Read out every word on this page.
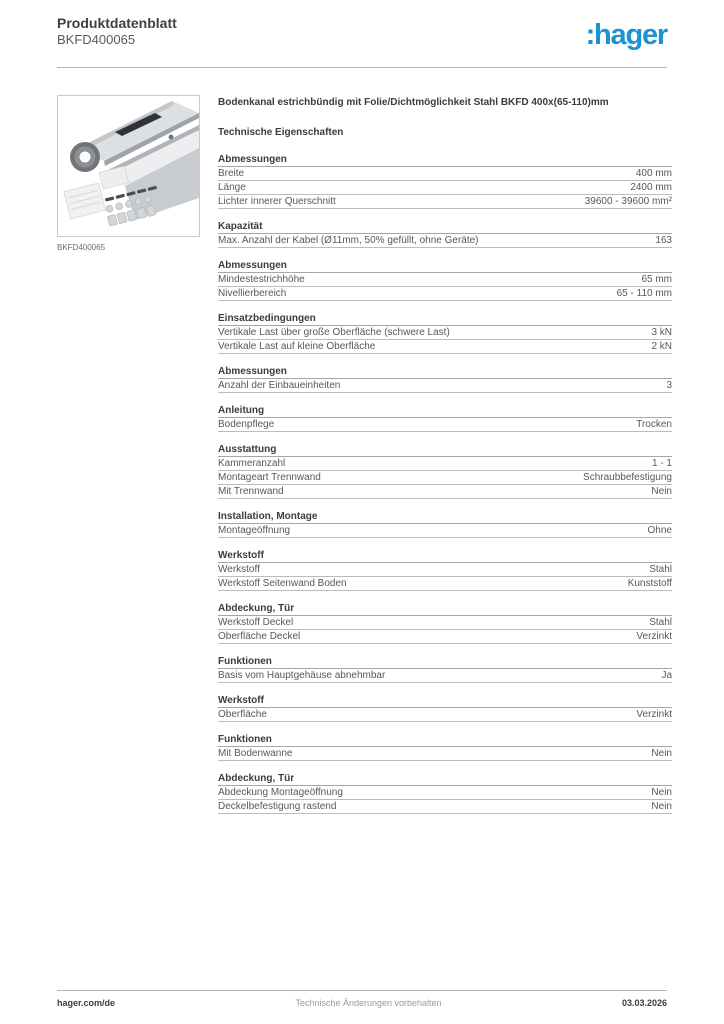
Produktdatenblatt
BKFD400065	:hager
BKFD400065
Bodenkanal estrichbündig mit Folie/Dichtmöglichkeit Stahl BKFD 400x(65-110)mm
Technische Eigenschaften
Abmessungen
Breite	400 mm
Länge	2400 mm
Lichter innerer Querschnitt	39600 - 39600 mm²
Kapazität
Max. Anzahl der Kabel (Ø11mm, 50% gefüllt, ohne Geräte)	163
Abmessungen
Mindestestrichhöhe	65 mm
Nivellierbereich	65 - 110 mm
Einsatzbedingungen
Vertikale Last über große Oberfläche (schwere Last)	3 kN
Vertikale Last auf kleine Oberfläche	2 kN
Abmessungen
Anzahl der Einbaueinheiten	3
Anleitung
Bodenpflege	Trocken
Ausstattung
Kammeranzahl	1 - 1
Montageart Trennwand	Schraubbefestigung
Mit Trennwand	Nein
Installation, Montage
Montageöffnung	Ohne
Werkstoff
Werkstoff	Stahl
Werkstoff Seitenwand Boden	Kunststoff
Abdeckung, Tür
Werkstoff Deckel	Stahl
Oberfläche Deckel	Verzinkt
Funktionen
Basis vom Hauptgehäuse abnehmbar	Ja
Werkstoff
Oberfläche	Verzinkt
Funktionen
Mit Bodenwanne	Nein
Abdeckung, Tür
Abdeckung Montageöffnung	Nein
Deckelbefestigung rastend	Nein
hager.com/de	Technische Änderungen vorbehalten	03.03.2026
